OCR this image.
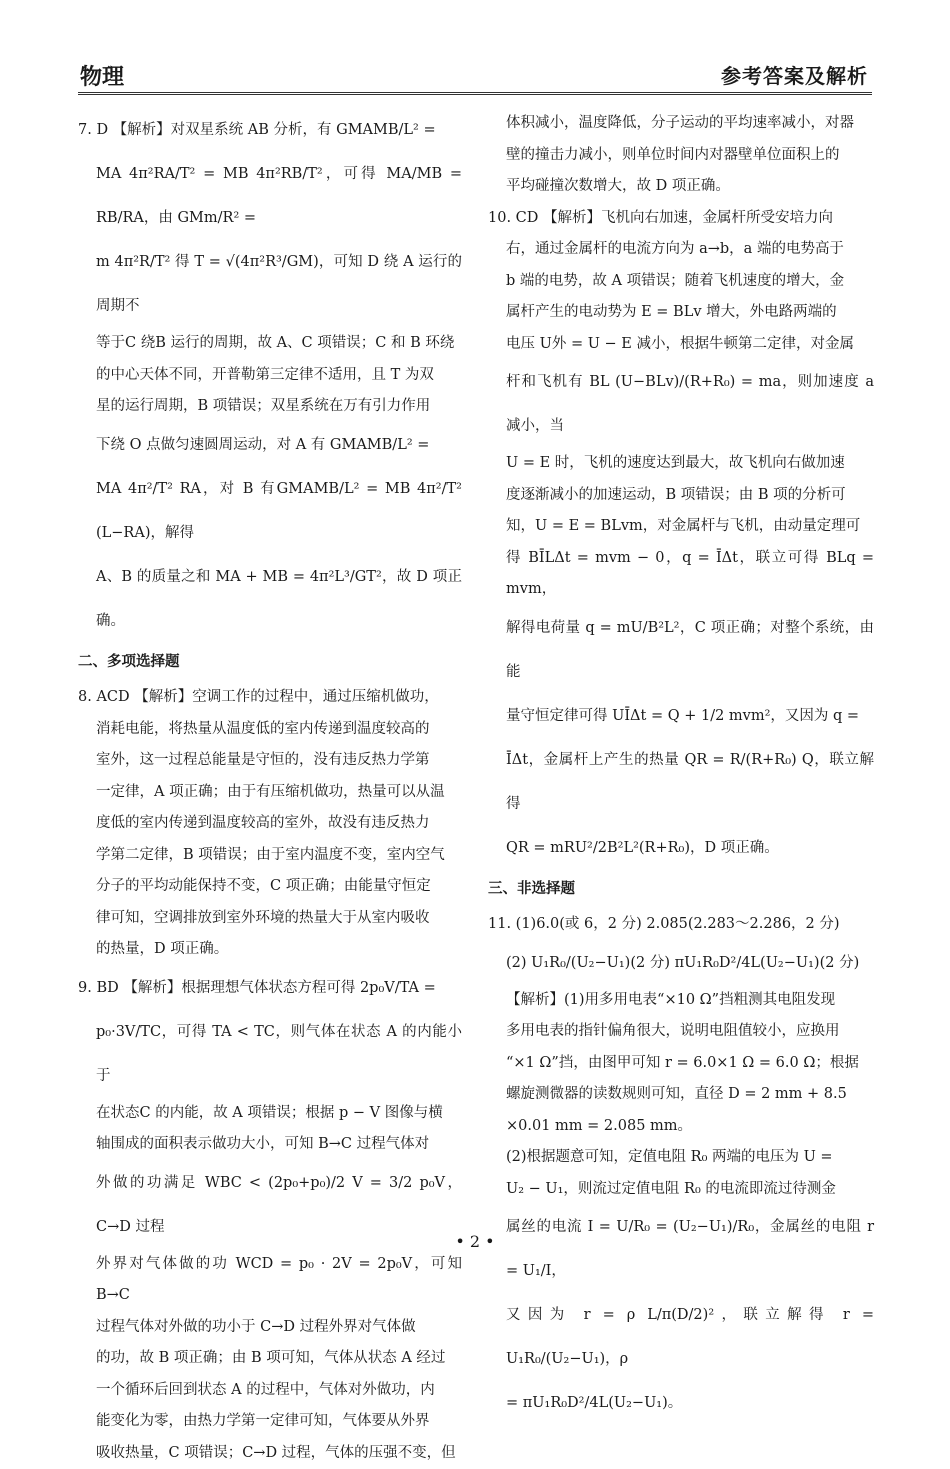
物理	参考答案及解析

7. D 【解析】对双星系统 AB 分析，有 GMAMB/L² =

MA 4π²RA/T² = MB 4π²RB/T²，可得 MA/MB = RB/RA，由 GMm/R² =

m 4π²R/T² 得 T = √(4π²R³/GM)，可知 D 绕 A 运行的周期不

等于C 绕B 运行的周期，故 A、C 项错误；C 和 B 环绕

的中心天体不同，开普勒第三定律不适用，且 T 为双

星的运行周期，B 项错误；双星系统在万有引力作用

下绕 O 点做匀速圆周运动，对 A 有 GMAMB/L² =

MA 4π²/T² RA，对 B 有GMAMB/L² = MB 4π²/T² (L−RA)，解得

A、B 的质量之和 MA + MB = 4π²L³/GT²，故 D 项正确。

二、多项选择题

8. ACD 【解析】空调工作的过程中，通过压缩机做功，

消耗电能，将热量从温度低的室内传递到温度较高的

室外，这一过程总能量是守恒的，没有违反热力学第

一定律，A 项正确；由于有压缩机做功，热量可以从温

度低的室内传递到温度较高的室外，故没有违反热力

学第二定律，B 项错误；由于室内温度不变，室内空气

分子的平均动能保持不变，C 项正确；由能量守恒定

律可知，空调排放到室外环境的热量大于从室内吸收

的热量，D 项正确。

9. BD 【解析】根据理想气体状态方程可得 2p₀V/TA =

p₀·3V/TC，可得 TA < TC，则气体在状态 A 的内能小于

在状态C 的内能，故 A 项错误；根据 p − V 图像与横

轴围成的面积表示做功大小，可知 B→C 过程气体对

外做的功满足 WBC < (2p₀+p₀)/2 V = 3/2 p₀V，C→D 过程

外界对气体做的功 WCD = p₀ · 2V = 2p₀V，可知 B→C

过程气体对外做的功小于 C→D 过程外界对气体做

的功，故 B 项正确；由 B 项可知，气体从状态 A 经过

一个循环后回到状态 A 的过程中，气体对外做功，内

能变化为零，由热力学第一定律可知，气体要从外界

吸收热量，C 项错误；C→D 过程，气体的压强不变，但

体积减小，温度降低，分子运动的平均速率减小，对器

壁的撞击力减小，则单位时间内对器壁单位面积上的

平均碰撞次数增大，故 D 项正确。

10. CD 【解析】飞机向右加速，金属杆所受安培力向

右，通过金属杆的电流方向为 a→b，a 端的电势高于

b 端的电势，故 A 项错误；随着飞机速度的增大，金

属杆产生的电动势为 E = BLv 增大，外电路两端的

电压 U外 = U − E 减小，根据牛顿第二定律，对金属

杆和飞机有 BL (U−BLv)/(R+R₀) = ma，则加速度 a 减小，当

U = E 时，飞机的速度达到最大，故飞机向右做加速

度逐渐减小的加速运动，B 项错误；由 B 项的分析可

知，U = E = BLvm，对金属杆与飞机，由动量定理可

得 BĪLΔt = mvm − 0，q = ĪΔt，联立可得 BLq = mvm，

解得电荷量 q = mU/B²L²，C 项正确；对整个系统，由能

量守恒定律可得 UĪΔt = Q + 1/2 mvm²，又因为 q =

ĪΔt，金属杆上产生的热量 QR = R/(R+R₀) Q，联立解得

QR = mRU²/2B²L²(R+R₀)，D 项正确。

三、非选择题

11. (1)6.0(或 6，2 分) 2.085(2.283～2.286，2 分)

(2) U₁R₀/(U₂−U₁)(2 分) πU₁R₀D²/4L(U₂−U₁)(2 分)

【解析】(1)用多用电表“×10 Ω”挡粗测其电阻发现

多用电表的指针偏角很大，说明电阻值较小，应换用

“×1 Ω”挡，由图甲可知 r = 6.0×1 Ω = 6.0 Ω；根据

螺旋测微器的读数规则可知，直径 D = 2 mm + 8.5

×0.01 mm = 2.085 mm。

(2)根据题意可知，定值电阻 R₀ 两端的电压为 U =

U₂ − U₁，则流过定值电阻 R₀ 的电流即流过待测金

属丝的电流 I = U/R₀ = (U₂−U₁)/R₀，金属丝的电阻 r = U₁/I，

又因为 r = ρ L/π(D/2)²，联立解得 r = U₁R₀/(U₂−U₁)，ρ

= πU₁R₀D²/4L(U₂−U₁)。

• 2 •
